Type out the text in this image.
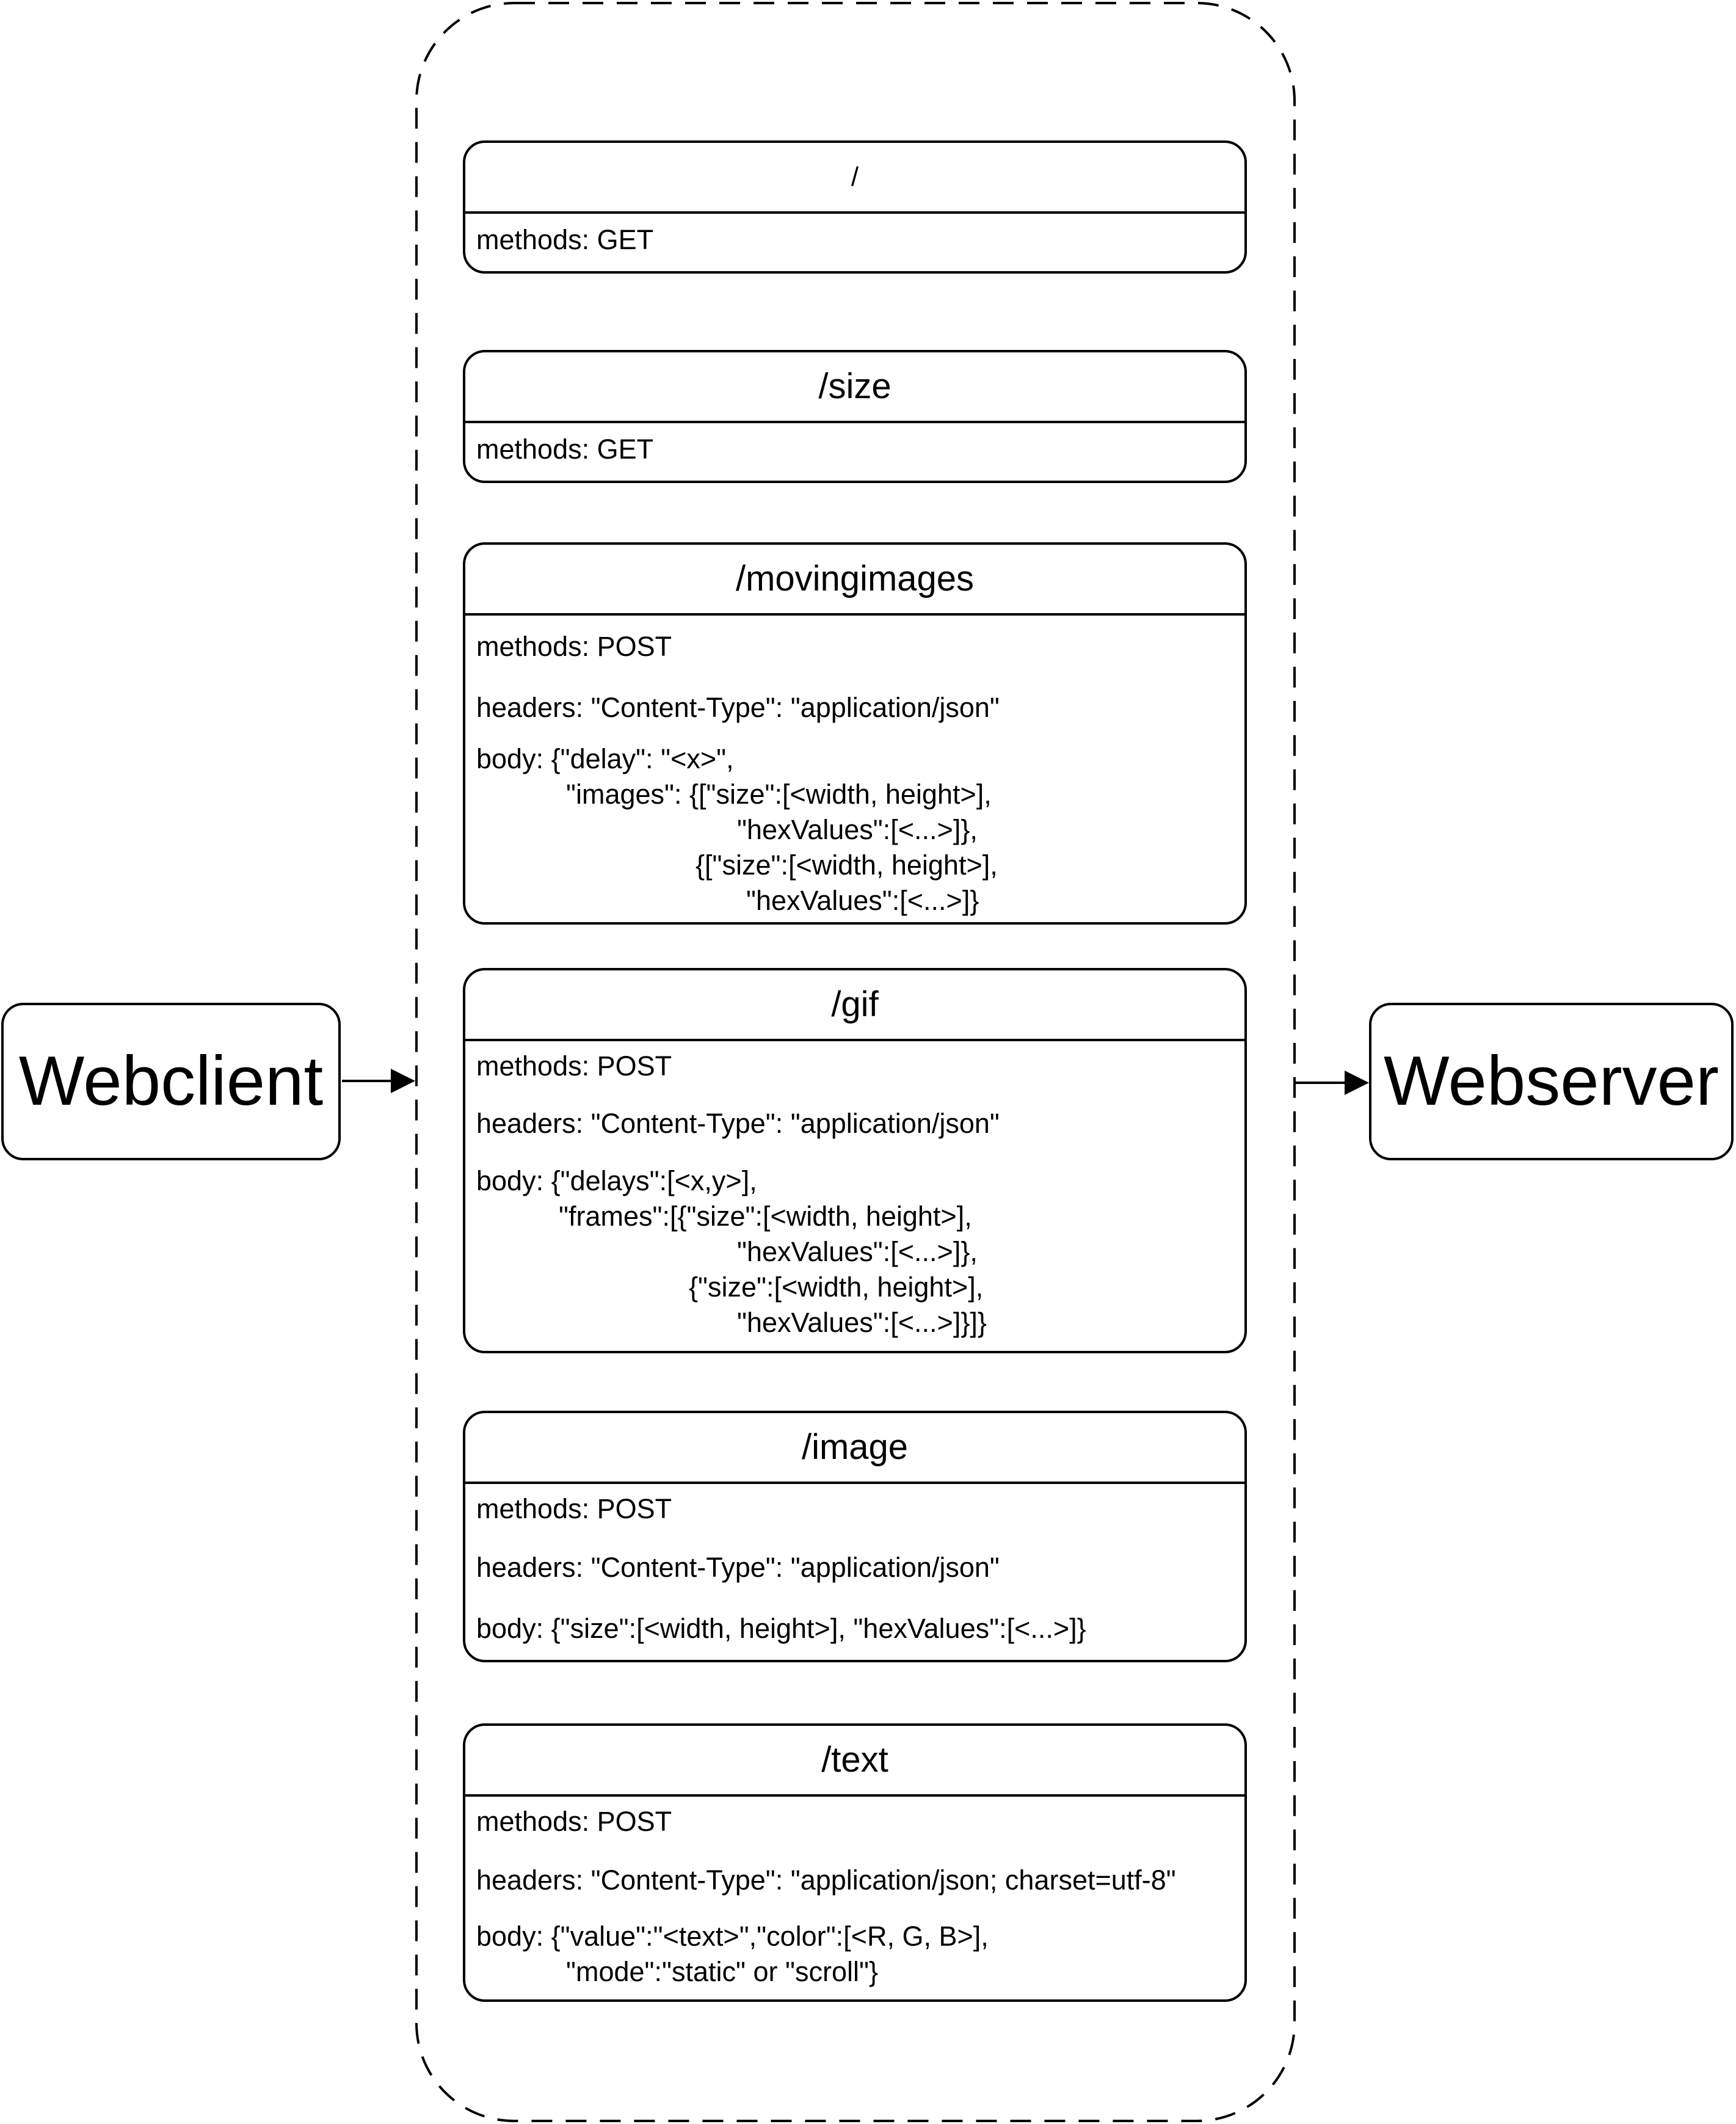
Webclient	Webserver
/
methods: GET
/size
methods: GET
/movingimages
methods: POST
headers: "Content-Type": "application/json"
body: {"delay": "<x>",
"images": {["size":[<width, height>],
"hexValues":[<...>]},
{["size":[<width, height>],
"hexValues":[<...>]}
/gif
methods: POST
headers: "Content-Type": "application/json"
body: {"delays":[<x,y>],
"frames":[{"size":[<width, height>],
"hexValues":[<...>]},
{"size":[<width, height>],
"hexValues":[<...>]}]}
/image
methods: POST
headers: "Content-Type": "application/json"
body: {"size":[<width, height>], "hexValues":[<...>]}
/text
methods: POST
headers: "Content-Type": "application/json; charset=utf-8"
body: {"value":"<text>","color":[<R, G, B>],
"mode":"static" or "scroll"}
